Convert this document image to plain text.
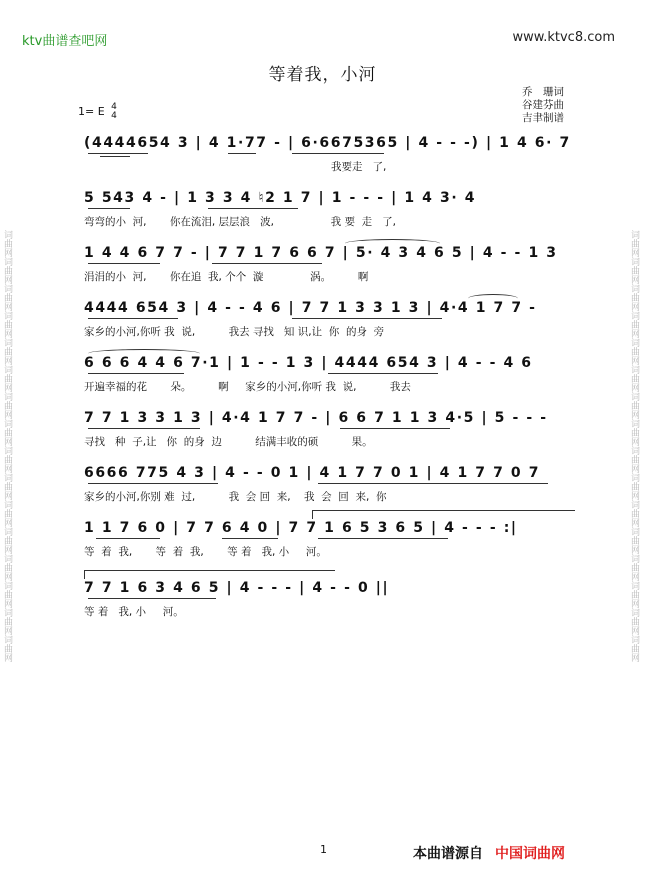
词曲网词曲网词曲网词曲网词曲网词曲网词曲网词曲网词曲网词曲网词曲网词曲网词曲网词曲网词曲网词曲网	词曲网词曲网词曲网词曲网词曲网词曲网词曲网词曲网词曲网词曲网词曲网词曲网词曲网词曲网词曲网词曲网
ktv曲谱查吧网	www.ktvc8.com
等着我，小河
乔　珊词
谷建芬曲
吉聿制谱
1= E 4
4
(4444654 3 | 4 1·77 - | 6·6675365 | 4 - - -) | 1 4 6· 7
我要走   了,
5 543 4 - | 1 3 3 4 ♮2 1 7 | 1 - - - | 1 4 3· 4
弯弯的小  河,       你在流泪, 层层浪   波,                 我 要  走   了,
1 4 4 6 7 7 - | 7 7 1 7 6 6 7 | 5· 4 3 4 6 5 | 4 - - 1 3
涓涓的小  河,       你在追  我, 个个  漩              涡。        啊
4444 654 3 | 4 - - 4 6 | 7 7 1 3 3 1 3 | 4·4 1 7 7 -
家乡的小河,你听 我  说,          我去 寻找   知 识,让  你  的身  旁
6 6 6 4 4 6 7·1 | 1 - - 1 3 | 4444 654 3 | 4 - - 4 6
开遍幸福的花       朵。        啊     家乡的小河,你听 我  说,          我去
7 7 1 3 3 1 3 | 4·4 1 7 7 - | 6 6 7 1 1 3 4·5 | 5 - - -
寻找   种  子,让   你  的身  边          结满丰收的硕          果。
6666 775 4 3 | 4 - - 0 1 | 4 1 7 7 0 1 | 4 1 7 7 0 7
家乡的小河,你别 难  过,          我  会 回  来,    我  会  回  来,  你
1 1 7 6 0 | 7 7 6 4 0 | 7 7 1 6 5 3 6 5 | 4 - - - :|
等  着  我,       等  着  我,       等 着   我, 小     河。
7 7 1 6 3 4 6 5 | 4 - - - | 4 - - 0 ||
等 着   我, 小     河。
1	本曲谱源自 中国词曲网
